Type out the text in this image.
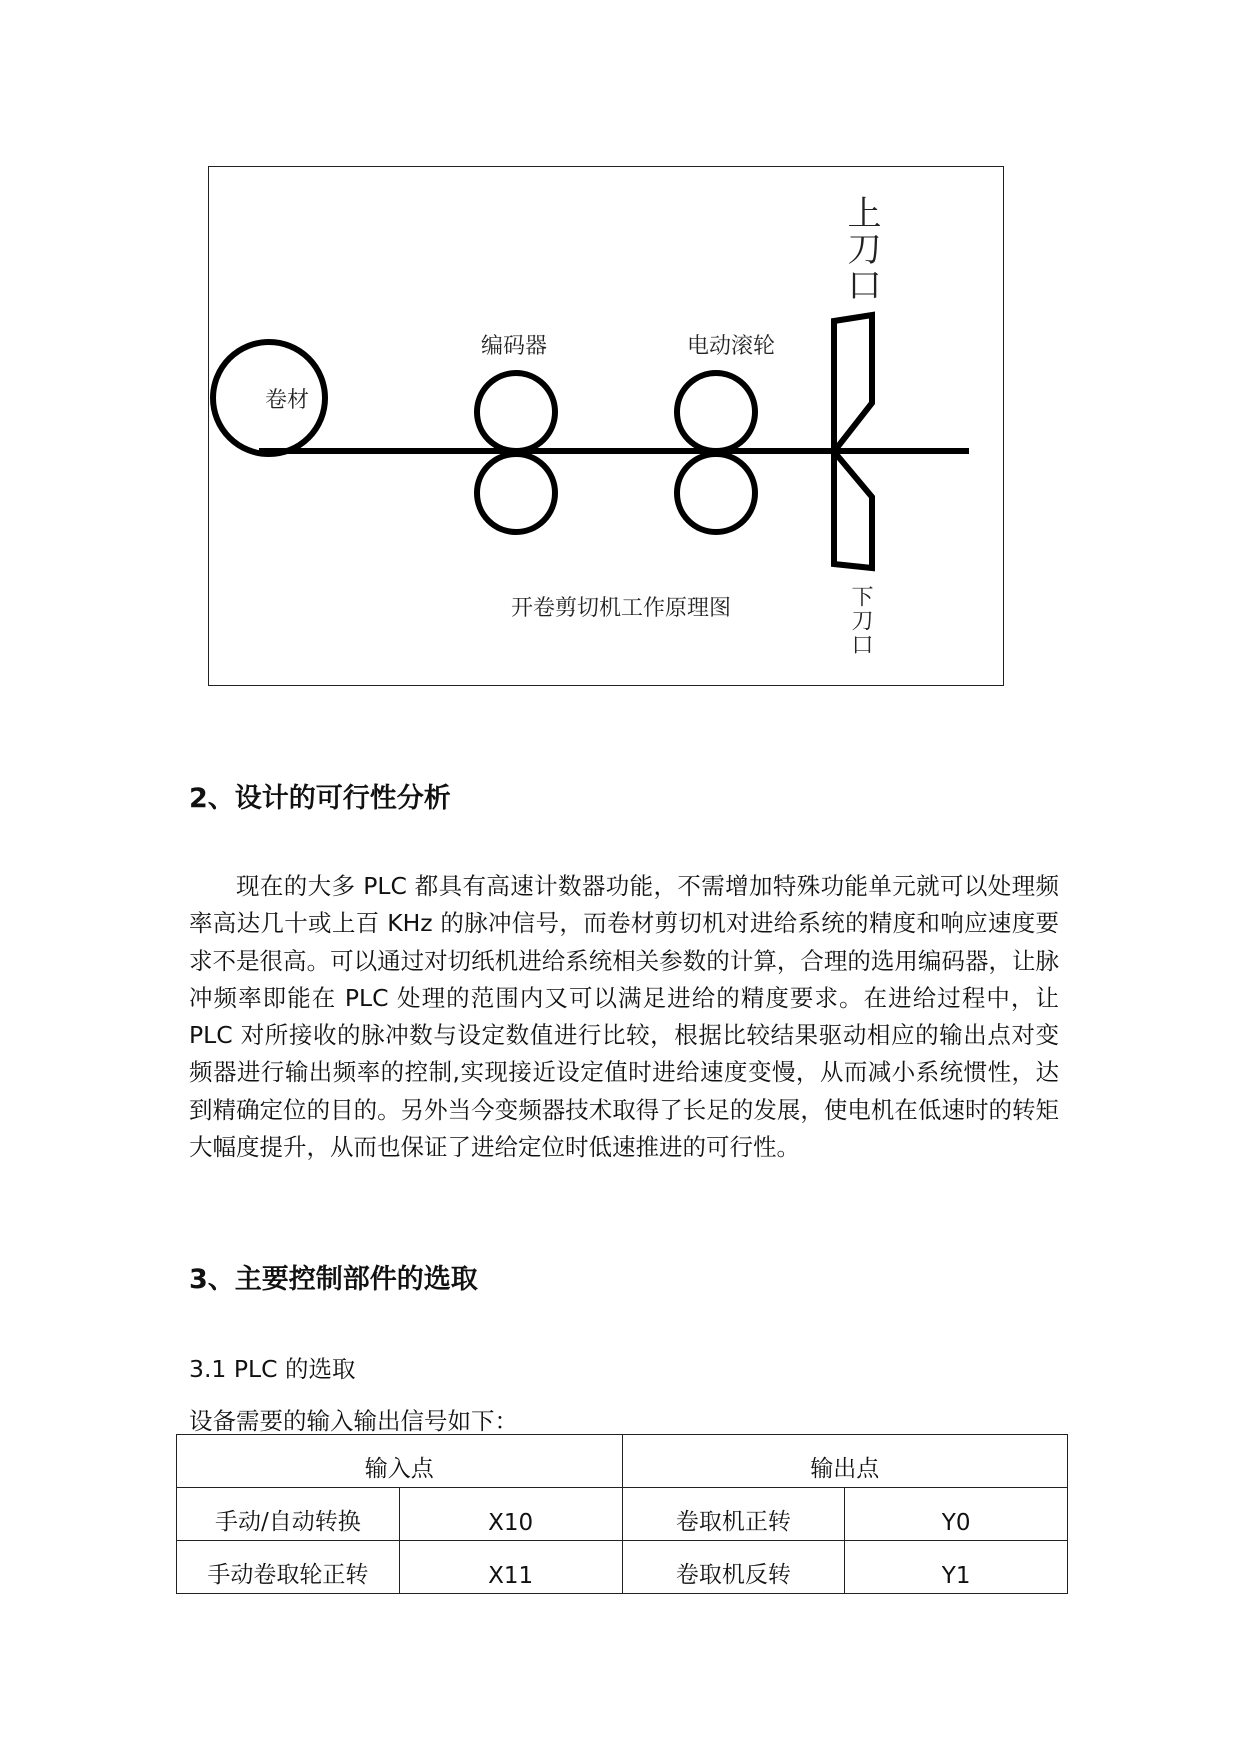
卷材
编码器	电动滚轮
上刀口
下刀口
开卷剪切机工作原理图
2、设计的可行性分析

现在的大多 PLC 都具有高速计数器功能，不需增加特殊功能单元就可以处理频率高达几十或上百 KHz 的脉冲信号，而卷材剪切机对进给系统的精度和响应速度要求不是很高。可以通过对切纸机进给系统相关参数的计算，合理的选用编码器，让脉冲频率即能在 PLC 处理的范围内又可以满足进给的精度要求。在进给过程中，让 PLC 对所接收的脉冲数与设定数值进行比较，根据比较结果驱动相应的输出点对变频器进行输出频率的控制,实现接近设定值时进给速度变慢，从而减小系统惯性，达到精确定位的目的。另外当今变频器技术取得了长足的发展，使电机在低速时的转矩大幅度提升，从而也保证了进给定位时低速推进的可行性。

3、主要控制部件的选取

3.1 PLC 的选取

设备需要的输入输出信号如下：

输入点		输出点	
手动/自动转换	X10	卷取机正转	Y0
手动卷取轮正转	X11	卷取机反转	Y1
